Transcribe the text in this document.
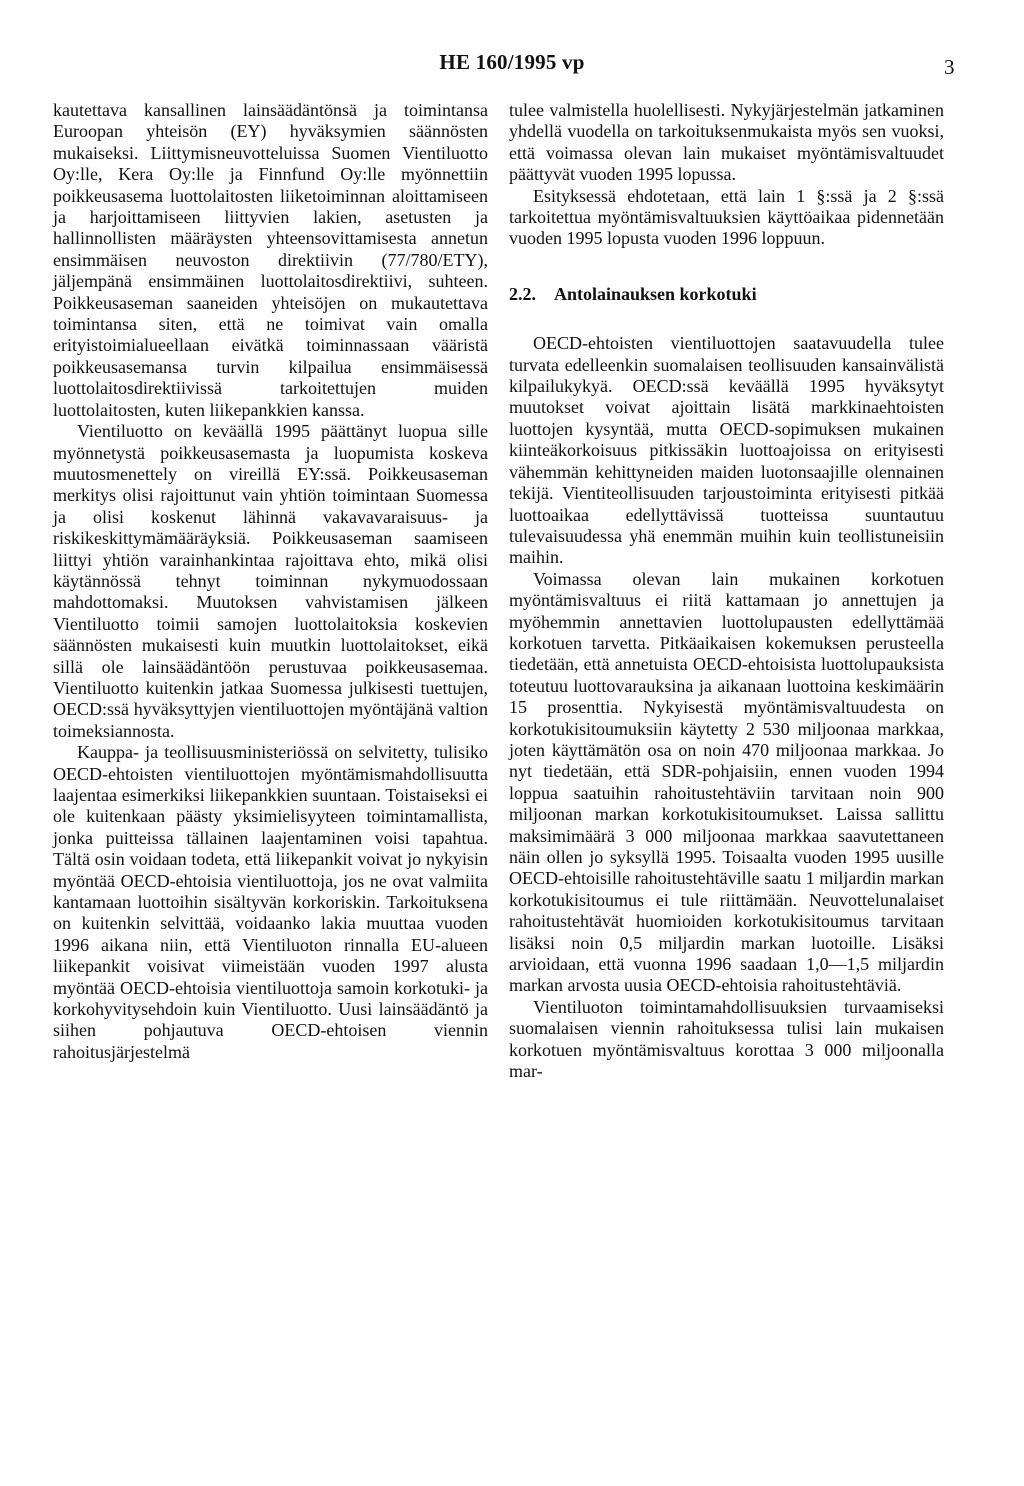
HE 160/1995 vp	3

kautettava kansallinen lainsäädäntönsä ja toimintansa Euroopan yhteisön (EY) hyväksymien säännösten mukaiseksi. Liittymisneuvotteluissa Suomen Vientiluotto Oy:lle, Kera Oy:lle ja Finnfund Oy:lle myönnettiin poikkeusasema luottolaitosten liiketoiminnan aloittamiseen ja harjoittamiseen liittyvien lakien, asetusten ja hallinnollisten määräysten yhteensovittamisesta annetun ensimmäisen neuvoston direktiivin (77/780/ETY), jäljempänä ensimmäinen luottolaitosdirektiivi, suhteen. Poikkeusaseman saaneiden yhteisöjen on mukautettava toimintansa siten, että ne toimivat vain omalla erityistoimialueellaan eivätkä toiminnassaan vääristä poikkeusasemansa turvin kilpailua ensimmäisessä luottolaitosdirektiivissä tarkoitettujen muiden luottolaitosten, kuten liikepankkien kanssa.

Vientiluotto on keväällä 1995 päättänyt luopua sille myönnetystä poikkeusasemasta ja luopumista koskeva muutosmenettely on vireillä EY:ssä. Poikkeusaseman merkitys olisi rajoittunut vain yhtiön toimintaan Suomessa ja olisi koskenut lähinnä vakavavaraisuus- ja riskikeskittymämääräyksiä. Poikkeusaseman saamiseen liittyi yhtiön varainhankintaa rajoittava ehto, mikä olisi käytännössä tehnyt toiminnan nykymuodossaan mahdottomaksi. Muutoksen vahvistamisen jälkeen Vientiluotto toimii samojen luottolaitoksia koskevien säännösten mukaisesti kuin muutkin luottolaitokset, eikä sillä ole lainsäädäntöön perustuvaa poikkeusasemaa. Vientiluotto kuitenkin jatkaa Suomessa julkisesti tuettujen, OECD:ssä hyväksyttyjen vientiluottojen myöntäjänä valtion toimeksiannosta.

Kauppa- ja teollisuusministeriössä on selvitetty, tulisiko OECD-ehtoisten vientiluottojen myöntämismahdollisuutta laajentaa esimerkiksi liikepankkien suuntaan. Toistaiseksi ei ole kuitenkaan päästy yksimielisyyteen toimintamallista, jonka puitteissa tällainen laajentaminen voisi tapahtua. Tältä osin voidaan todeta, että liikepankit voivat jo nykyisin myöntää OECD-ehtoisia vientiluottoja, jos ne ovat valmiita kantamaan luottoihin sisältyvän korkoriskin. Tarkoituksena on kuitenkin selvittää, voidaanko lakia muuttaa vuoden 1996 aikana niin, että Vientiluoton rinnalla EU-alueen liikepankit voisivat viimeistään vuoden 1997 alusta myöntää OECD-ehtoisia vientiluottoja samoin korkotuki- ja korkohyvitysehdoin kuin Vientiluotto. Uusi lainsäädäntö ja siihen pohjautuva OECD-ehtoisen viennin rahoitusjärjestelmä

tulee valmistella huolellisesti. Nykyjärjestelmän jatkaminen yhdellä vuodella on tarkoituksenmukaista myös sen vuoksi, että voimassa olevan lain mukaiset myöntämisvaltuudet päättyvät vuoden 1995 lopussa.

Esityksessä ehdotetaan, että lain 1 §:ssä ja 2 §:ssä tarkoitettua myöntämisvaltuuksien käyttöaikaa pidennetään vuoden 1995 lopusta vuoden 1996 loppuun.

2.2. Antolainauksen korkotuki

OECD-ehtoisten vientiluottojen saatavuudella tulee turvata edelleenkin suomalaisen teollisuuden kansainvälistä kilpailukykyä. OECD:ssä keväällä 1995 hyväksytyt muutokset voivat ajoittain lisätä markkinaehtoisten luottojen kysyntää, mutta OECD-sopimuksen mukainen kiinteäkorkoisuus pitkissäkin luottoajoissa on erityisesti vähemmän kehittyneiden maiden luotonsaajille olennainen tekijä. Vientiteollisuuden tarjoustoiminta erityisesti pitkää luottoaikaa edellyttävissä tuotteissa suuntautuu tulevaisuudessa yhä enemmän muihin kuin teollistuneisiin maihin.

Voimassa olevan lain mukainen korkotuen myöntämisvaltuus ei riitä kattamaan jo annettujen ja myöhemmin annettavien luottolupausten edellyttämää korkotuen tarvetta. Pitkäaikaisen kokemuksen perusteella tiedetään, että annetuista OECD-ehtoisista luottolupauksista toteutuu luottovarauksina ja aikanaan luottoina keskimäärin 15 prosenttia. Nykyisestä myöntämisvaltuudesta on korkotukisitoumuksiin käytetty 2 530 miljoonaa markkaa, joten käyttämätön osa on noin 470 miljoonaa markkaa. Jo nyt tiedetään, että SDR-pohjaisiin, ennen vuoden 1994 loppua saatuihin rahoitustehtäviin tarvitaan noin 900 miljoonan markan korkotukisitoumukset. Laissa sallittu maksimimäärä 3 000 miljoonaa markkaa saavutettaneen näin ollen jo syksyllä 1995. Toisaalta vuoden 1995 uusille OECD-ehtoisille rahoitustehtäville saatu 1 miljardin markan korkotukisitoumus ei tule riittämään. Neuvottelunalaiset rahoitustehtävät huomioiden korkotukisitoumus tarvitaan lisäksi noin 0,5 miljardin markan luotoille. Lisäksi arvioidaan, että vuonna 1996 saadaan 1,0—1,5 miljardin markan arvosta uusia OECD-ehtoisia rahoitustehtäviä.

Vientiluoton toimintamahdollisuuksien turvaamiseksi suomalaisen viennin rahoituksessa tulisi lain mukaisen korkotuen myöntämisvaltuus korottaa 3 000 miljoonalla mar-
